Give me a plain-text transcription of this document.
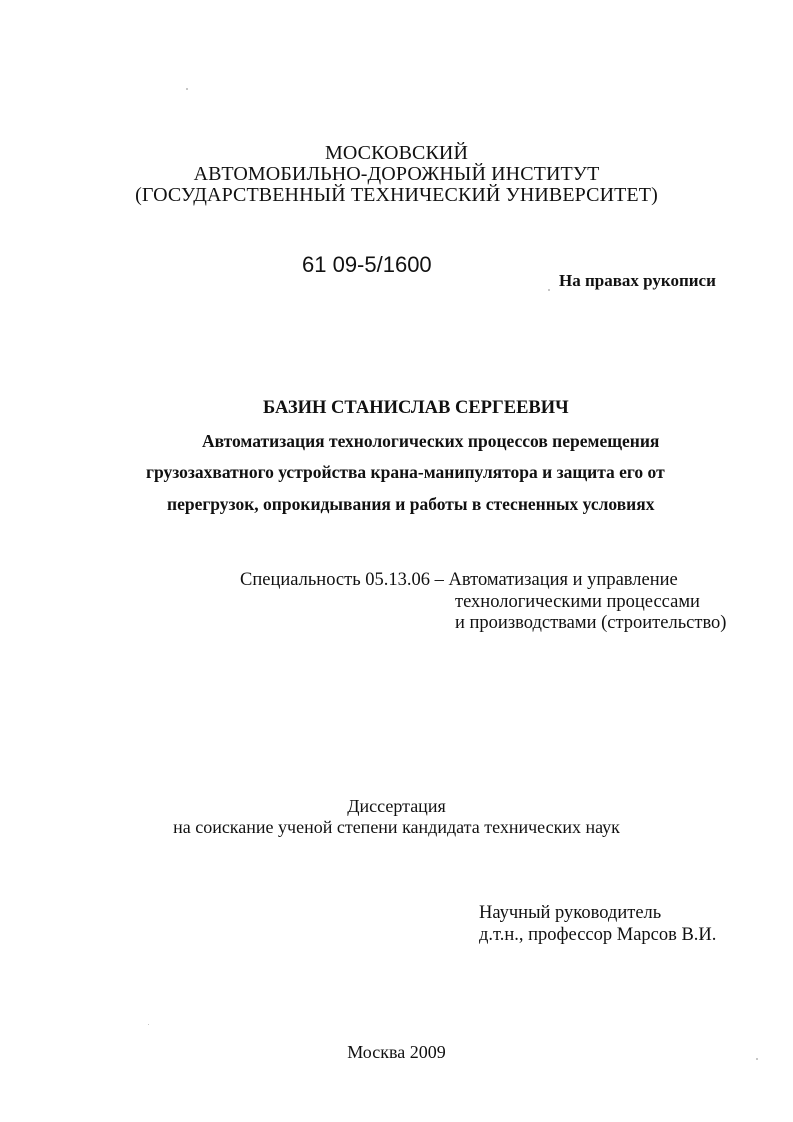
МОСКОВСКИЙ
АВТОМОБИЛЬНО-ДОРОЖНЫЙ ИНСТИТУТ
(ГОСУДАРСТВЕННЫЙ ТЕХНИЧЕСКИЙ УНИВЕРСИТЕТ)
61 09-5/1600
На правах рукописи
БАЗИН СТАНИСЛАВ СЕРГЕЕВИЧ
Автоматизация технологических процессов перемещения
грузозахватного устройства крана-манипулятора и защита его от
перегрузок, опрокидывания и работы в стесненных условиях
Специальность 05.13.06 – Автоматизация и управление
технологическими процессами
и производствами (строительство)
Диссертация
на соискание ученой степени кандидата технических наук
Научный руководитель
д.т.н., профессор Марсов В.И.
Москва 2009
